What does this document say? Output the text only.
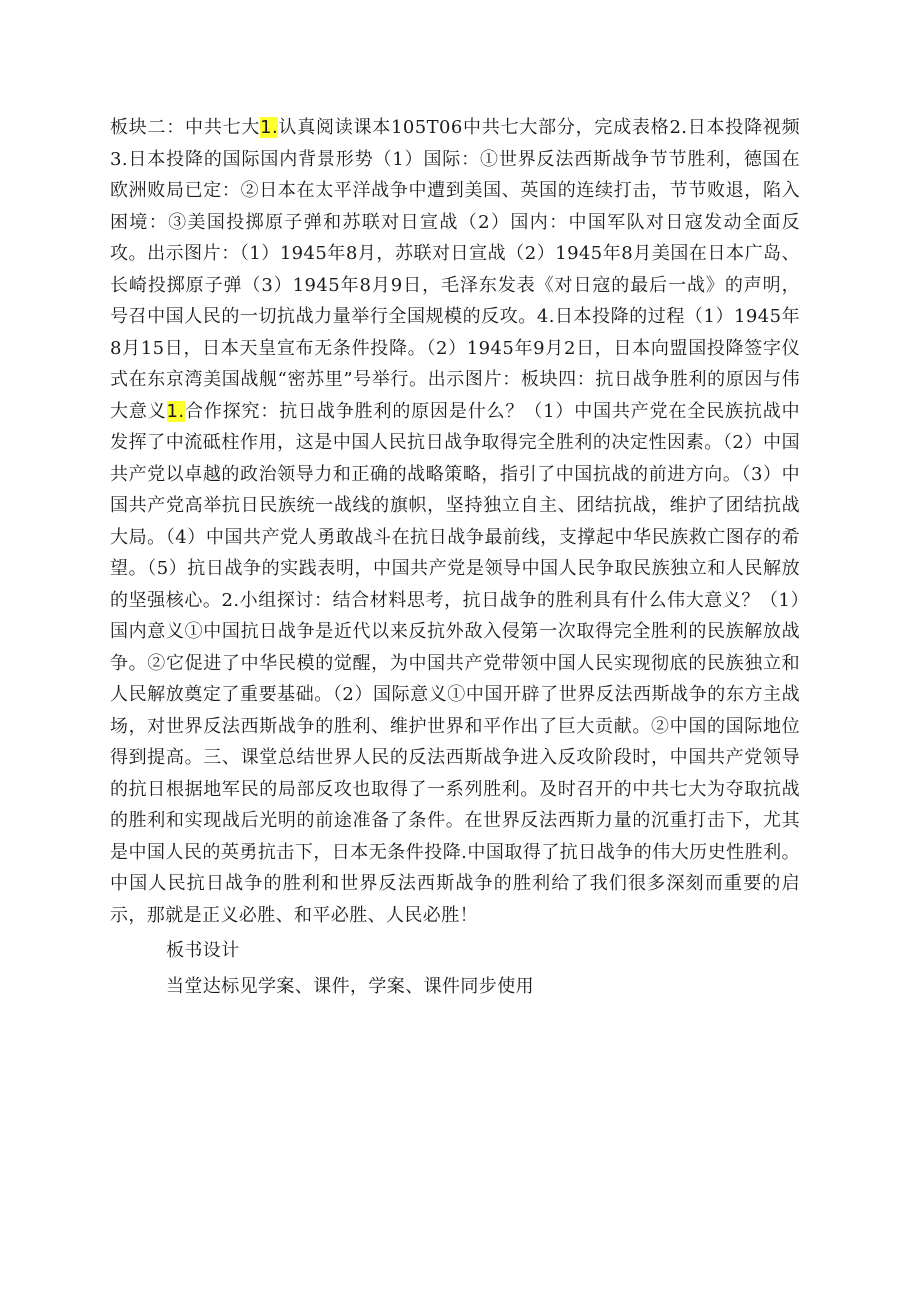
板块二：中共七大1.认真阅读课本105T06中共七大部分，完成表格2.日本投降视频3.日本投降的国际国内背景形势（1）国际：①世界反法西斯战争节节胜利，德国在欧洲败局已定：②日本在太平洋战争中遭到美国、英国的连续打击，节节败退，陷入困境：③美国投掷原子弹和苏联对日宣战（2）国内：中国军队对日寇发动全面反攻。出示图片：（1）1945年8月，苏联对日宣战（2）1945年8月美国在日本广岛、长崎投掷原子弹（3）1945年8月9日，毛泽东发表《对日寇的最后一战》的声明，号召中国人民的一切抗战力量举行全国规模的反攻。4.日本投降的过程（1）1945年8月15日，日本天皇宣布无条件投降。（2）1945年9月2日，日本向盟国投降签字仪式在东京湾美国战舰“密苏里”号举行。出示图片：板块四：抗日战争胜利的原因与伟大意义1.合作探究：抗日战争胜利的原因是什么？（1）中国共产党在全民族抗战中发挥了中流砥柱作用，这是中国人民抗日战争取得完全胜利的决定性因素。（2）中国共产党以卓越的政治领导力和正确的战略策略，指引了中国抗战的前进方向。（3）中国共产党高举抗日民族统一战线的旗帜，坚持独立自主、团结抗战，维护了团结抗战大局。（4）中国共产党人勇敢战斗在抗日战争最前线，支撑起中华民族救亡图存的希望。（5）抗日战争的实践表明，中国共产党是领导中国人民争取民族独立和人民解放的坚强核心。2.小组探讨：结合材料思考，抗日战争的胜利具有什么伟大意义？（1）国内意义①中国抗日战争是近代以来反抗外敌入侵第一次取得完全胜利的民族解放战争。②它促进了中华民模的觉醒，为中国共产党带领中国人民实现彻底的民族独立和人民解放奠定了重要基础。（2）国际意义①中国开辟了世界反法西斯战争的东方主战场，对世界反法西斯战争的胜利、维护世界和平作出了巨大贡献。②中国的国际地位得到提高。三、课堂总结世界人民的反法西斯战争进入反攻阶段时，中国共产党领导的抗日根据地军民的局部反攻也取得了一系列胜利。及时召开的中共七大为夺取抗战的胜利和实现战后光明的前途准备了条件。在世界反法西斯力量的沉重打击下，尤其是中国人民的英勇抗击下，日本无条件投降.中国取得了抗日战争的伟大历史性胜利。中国人民抗日战争的胜利和世界反法西斯战争的胜利给了我们很多深刻而重要的启示，那就是正义必胜、和平必胜、人民必胜！

板书设计

当堂达标见学案、课件，学案、课件同步使用
